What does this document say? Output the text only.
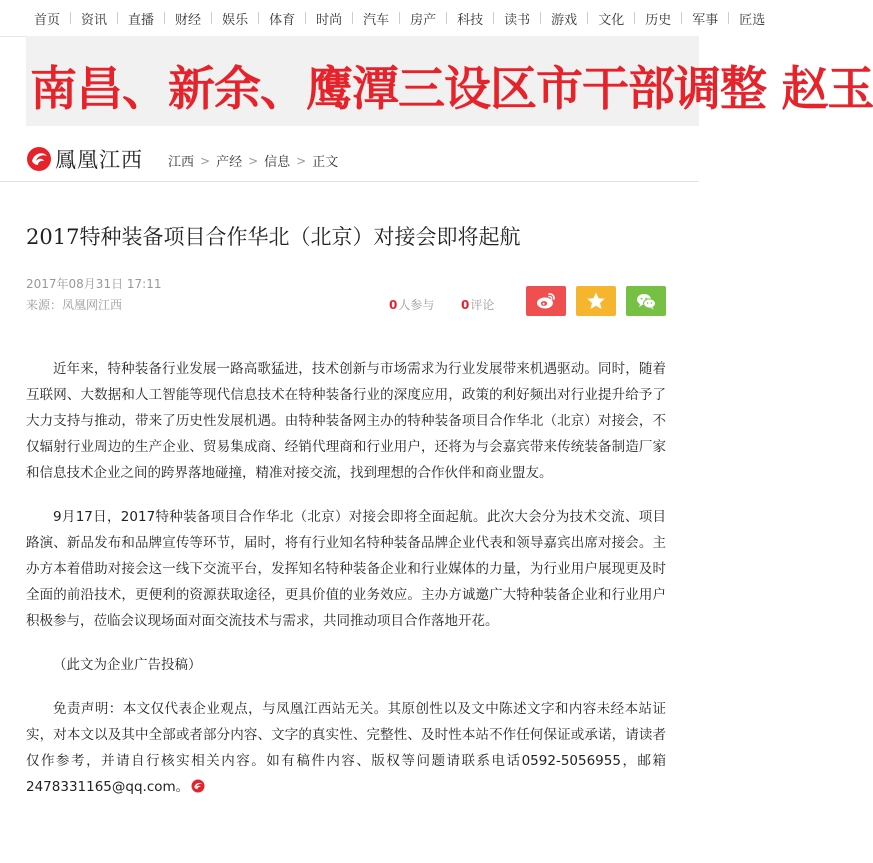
首页	资讯	直播	财经	娱乐	体育	时尚	汽车	房产	科技	读书	游戏	文化	历史	军事	匠选
南昌、新余、鹰潭三设区市干部调整 赵玉
鳳凰江西 江西 > 产经 > 信息 > 正文
2017特种装备项目合作华北（北京）对接会即将起航
2017年08月31日 17:11
来源：凤凰网江西	0人参与 0评论

近年来，特种装备行业发展一路高歌猛进，技术创新与市场需求为行业发展带来机遇驱动。同时，随着互联网、大数据和人工智能等现代信息技术在特种装备行业的深度应用，政策的利好频出对行业提升给予了大力支持与推动，带来了历史性发展机遇。由特种装备网主办的特种装备项目合作华北（北京）对接会，不仅辐射行业周边的生产企业、贸易集成商、经销代理商和行业用户，还将为与会嘉宾带来传统装备制造厂家和信息技术企业之间的跨界落地碰撞，精准对接交流，找到理想的合作伙伴和商业盟友。

9月17日，2017特种装备项目合作华北（北京）对接会即将全面起航。此次大会分为技术交流、项目路演、新品发布和品牌宣传等环节，届时，将有行业知名特种装备品牌企业代表和领导嘉宾出席对接会。主办方本着借助对接会这一线下交流平台，发挥知名特种装备企业和行业媒体的力量，为行业用户展现更及时全面的前沿技术，更便利的资源获取途径，更具价值的业务效应。主办方诚邀广大特种装备企业和行业用户积极参与，莅临会议现场面对面交流技术与需求，共同推动项目合作落地开花。

（此文为企业广告投稿）

免责声明：本文仅代表企业观点，与凤凰江西站无关。其原创性以及文中陈述文字和内容未经本站证实，对本文以及其中全部或者部分内容、文字的真实性、完整性、及时性本站不作任何保证或承诺，请读者仅作参考，并请自行核实相关内容。如有稿件内容、版权等问题请联系电话0592-5056955，邮箱2478331165@qq.com。
